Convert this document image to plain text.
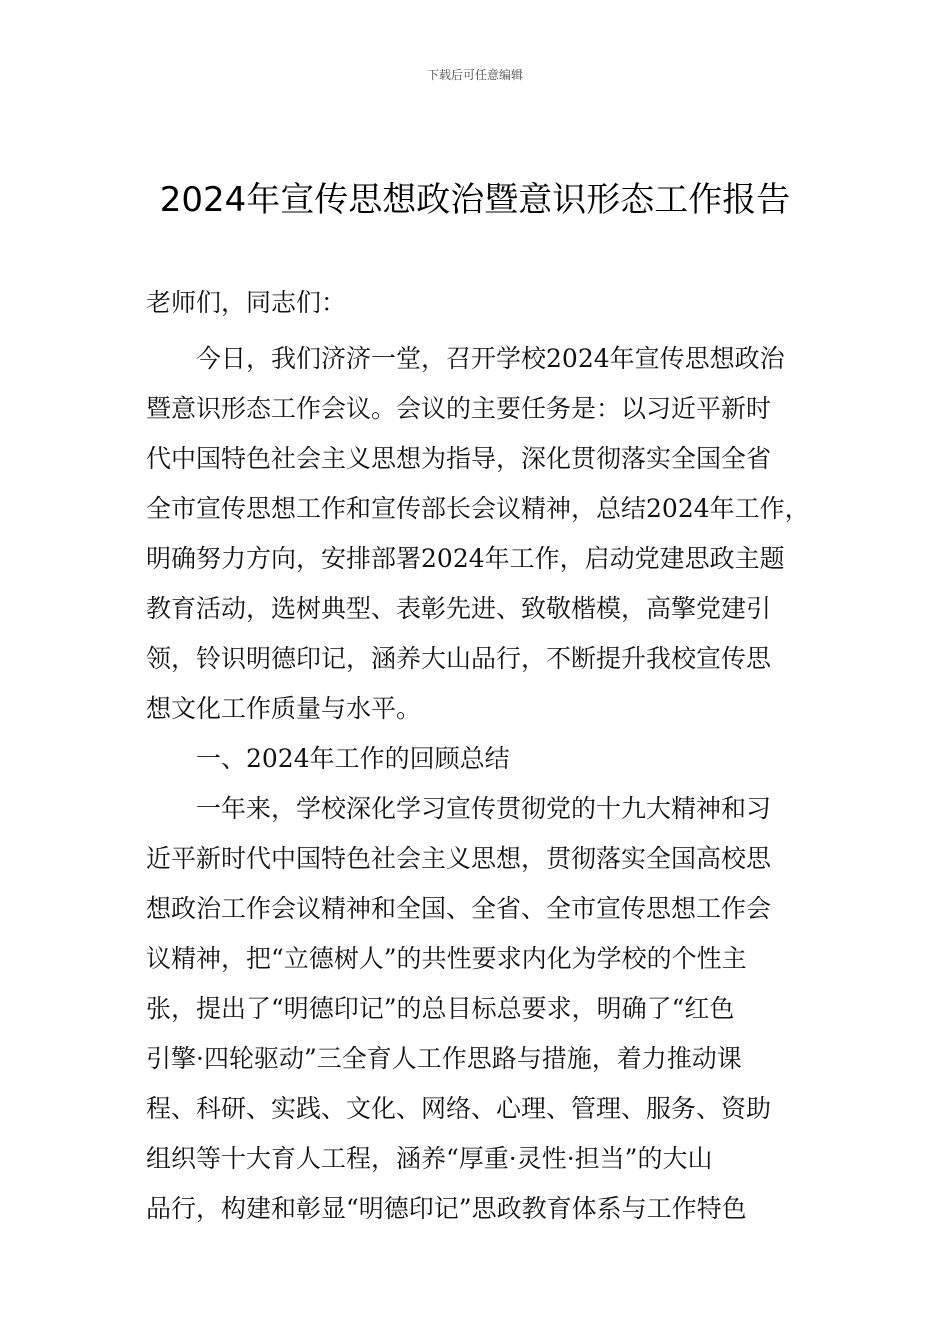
下载后可任意编辑
2024年宣传思想政治暨意识形态工作报告

老师们，同志们：

今日，我们济济一堂，召开学校2024年宣传思想政治

暨意识形态工作会议。会议的主要任务是：以习近平新时

代中国特色社会主义思想为指导，深化贯彻落实全国全省

全市宣传思想工作和宣传部长会议精神，总结2024年工作，

明确努力方向，安排部署2024年工作，启动党建思政主题

教育活动，选树典型、表彰先进、致敬楷模，高擎党建引

领，铃识明德印记，涵养大山品行，不断提升我校宣传思

想文化工作质量与水平。

一、2024年工作的回顾总结

一年来，学校深化学习宣传贯彻党的十九大精神和习

近平新时代中国特色社会主义思想，贯彻落实全国高校思

想政治工作会议精神和全国、全省、全市宣传思想工作会

议精神，把“立德树人”的共性要求内化为学校的个性主

张，提出了“明德印记”的总目标总要求，明确了“红色

引擎·四轮驱动”三全育人工作思路与措施，着力推动课

程、科研、实践、文化、网络、心理、管理、服务、资助

组织等十大育人工程，涵养“厚重·灵性·担当”的大山

品行，构建和彰显“明德印记”思政教育体系与工作特色
